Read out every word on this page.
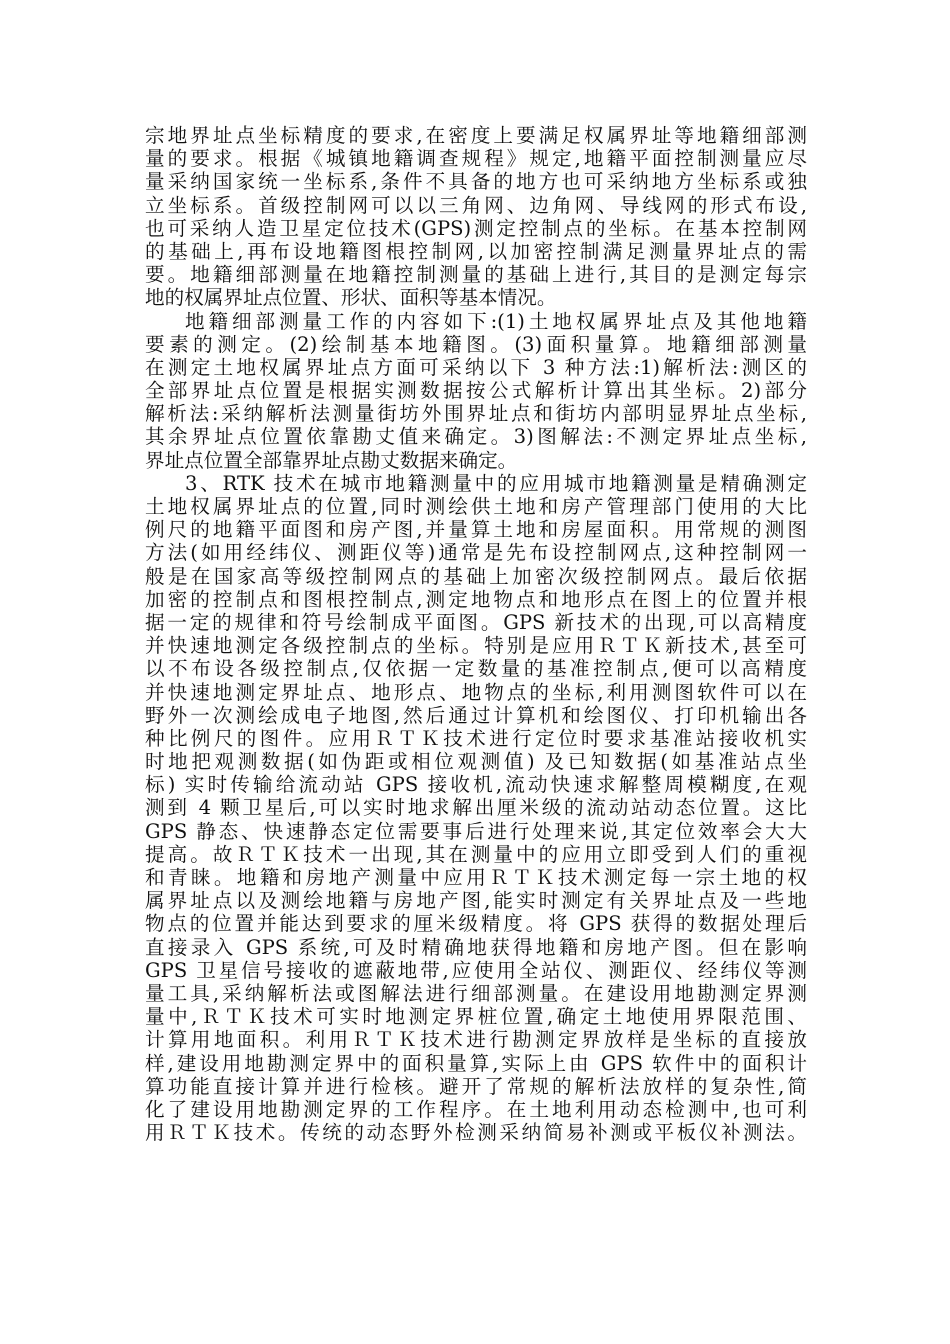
宗地界址点坐标精度的要求,在密度上要满足权属界址等地籍细部测
量的要求。根据《城镇地籍调查规程》规定,地籍平面控制测量应尽
量采纳国家统一坐标系,条件不具备的地方也可采纳地方坐标系或独
立坐标系。首级控制网可以以三角网、边角网、导线网的形式布设,
也可采纳人造卫星定位技术(GPS)测定控制点的坐标。在基本控制网
的基础上,再布设地籍图根控制网,以加密控制满足测量界址点的需
要。地籍细部测量在地籍控制测量的基础上进行,其目的是测定每宗
地的权属界址点位置、形状、面积等基本情况。
地籍细部测量工作的内容如下:(1)土地权属界址点及其他地籍
要素的测定。(2)绘制基本地籍图。(3)面积量算。地籍细部测量
在测定土地权属界址点方面可采纳以下 3 种方法:1)解析法:测区的
全部界址点位置是根据实测数据按公式解析计算出其坐标。2)部分
解析法:采纳解析法测量街坊外围界址点和街坊内部明显界址点坐标,
其余界址点位置依靠勘丈值来确定。3)图解法:不测定界址点坐标,
界址点位置全部靠界址点勘丈数据来确定。
3、RTK 技术在城市地籍测量中的应用城市地籍测量是精确测定
土地权属界址点的位置,同时测绘供土地和房产管理部门使用的大比
例尺的地籍平面图和房产图,并量算土地和房屋面积。用常规的测图
方法(如用经纬仪、测距仪等)通常是先布设控制网点,这种控制网一
般是在国家高等级控制网点的基础上加密次级控制网点。最后依据
加密的控制点和图根控制点,测定地物点和地形点在图上的位置并根
据一定的规律和符号绘制成平面图。GPS 新技术的出现,可以高精度
并快速地测定各级控制点的坐标。特别是应用ＲＴＫ新技术,甚至可
以不布设各级控制点,仅依据一定数量的基准控制点,便可以高精度
并快速地测定界址点、地形点、地物点的坐标,利用测图软件可以在
野外一次测绘成电子地图,然后通过计算机和绘图仪、打印机输出各
种比例尺的图件。应用ＲＴＫ技术进行定位时要求基准站接收机实
时地把观测数据(如伪距或相位观测值) 及已知数据(如基准站点坐
标) 实时传输给流动站 GPS 接收机,流动快速求解整周模糊度,在观
测到 4 颗卫星后,可以实时地求解出厘米级的流动站动态位置。这比
GPS 静态、快速静态定位需要事后进行处理来说,其定位效率会大大
提高。故ＲＴＫ技术一出现,其在测量中的应用立即受到人们的重视
和青睐。地籍和房地产测量中应用ＲＴＫ技术测定每一宗土地的权
属界址点以及测绘地籍与房地产图,能实时测定有关界址点及一些地
物点的位置并能达到要求的厘米级精度。将 GPS 获得的数据处理后
直接录入 GPS 系统,可及时精确地获得地籍和房地产图。但在影响
GPS 卫星信号接收的遮蔽地带,应使用全站仪、测距仪、经纬仪等测
量工具,采纳解析法或图解法进行细部测量。在建设用地勘测定界测
量中,ＲＴＫ技术可实时地测定界桩位置,确定土地使用界限范围、
计算用地面积。利用ＲＴＫ技术进行勘测定界放样是坐标的直接放
样,建设用地勘测定界中的面积量算,实际上由 GPS 软件中的面积计
算功能直接计算并进行检核。避开了常规的解析法放样的复杂性,简
化了建设用地勘测定界的工作程序。在土地利用动态检测中,也可利
用ＲＴＫ技术。传统的动态野外检测采纳简易补测或平板仪补测法。
